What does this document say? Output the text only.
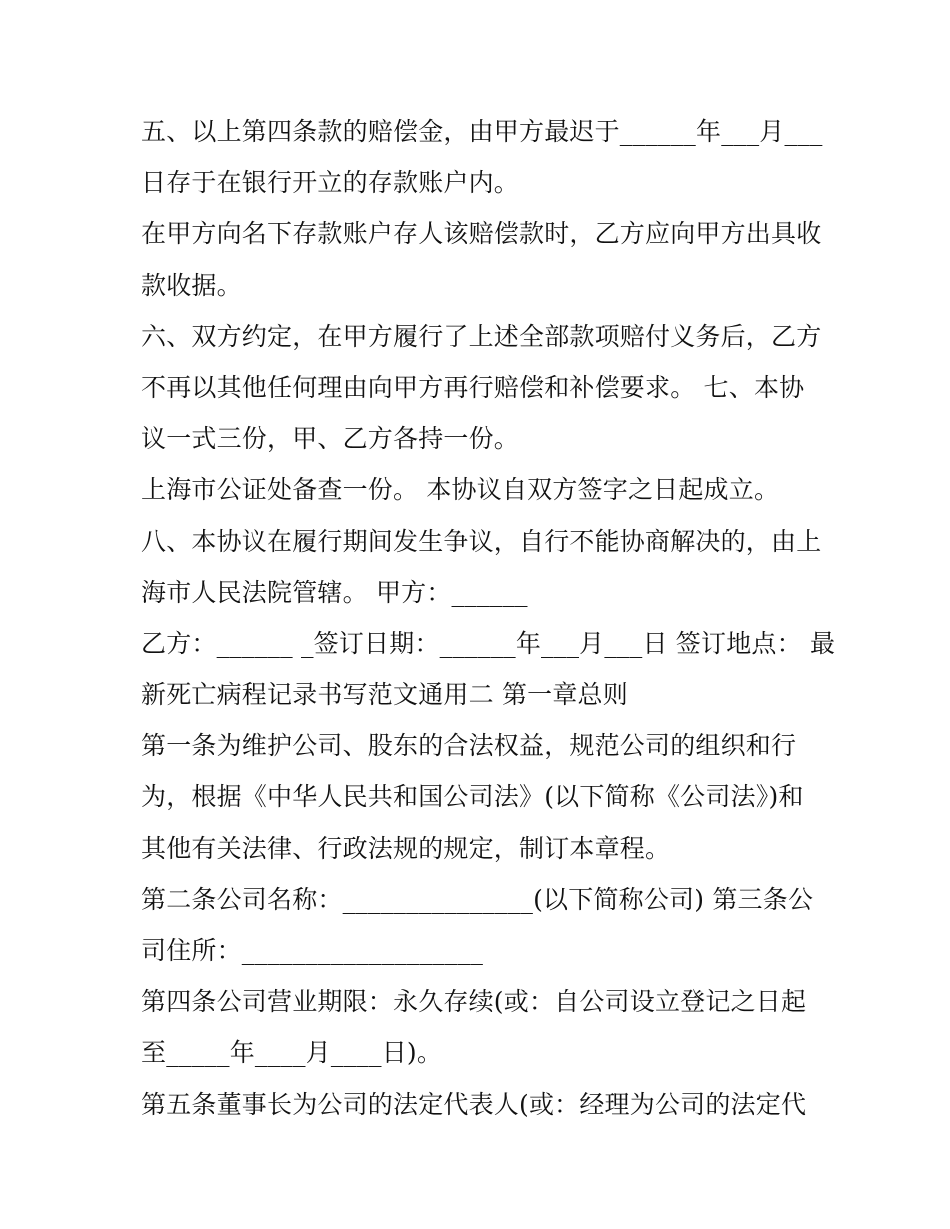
五、以上第四条款的赔偿金，由甲方最迟于______年___月___
日存于在银行开立的存款账户内。
在甲方向名下存款账户存人该赔偿款时，乙方应向甲方出具收
款收据。
六、双方约定，在甲方履行了上述全部款项赔付义务后，乙方
不再以其他任何理由向甲方再行赔偿和补偿要求。 七、本协
议一式三份，甲、乙方各持一份。
上海市公证处备查一份。 本协议自双方签字之日起成立。
八、本协议在履行期间发生争议，自行不能协商解决的，由上
海市人民法院管辖。 甲方：______
乙方：______ _签订日期：______年___月___日 签订地点： 最
新死亡病程记录书写范文通用二 第一章总则
第一条为维护公司、股东的合法权益，规范公司的组织和行
为，根据《中华人民共和国公司法》(以下简称《公司法》)和
其他有关法律、行政法规的规定，制订本章程。
第二条公司名称：_______________(以下简称公司) 第三条公
司住所：___________________
第四条公司营业期限：永久存续(或：自公司设立登记之日起
至_____年____月____日)。
第五条董事长为公司的法定代表人(或：经理为公司的法定代
